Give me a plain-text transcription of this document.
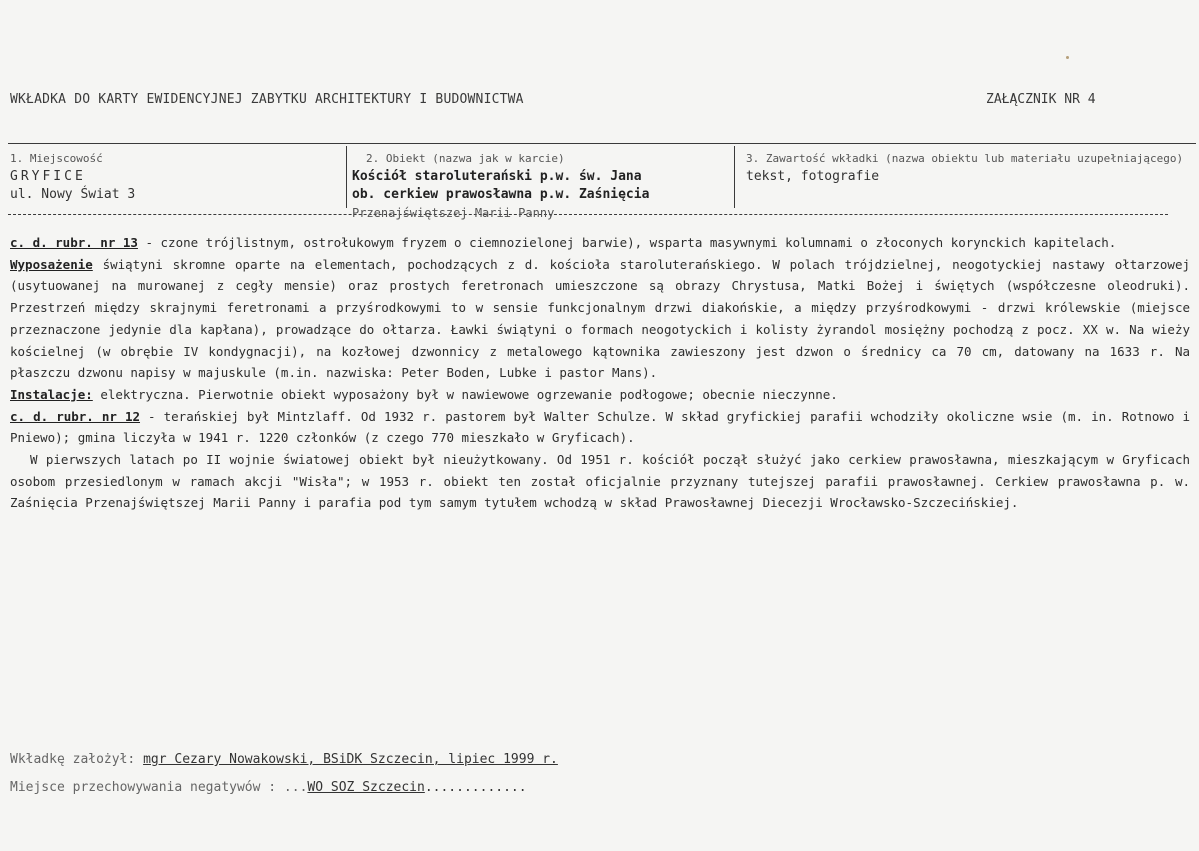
WKŁADKA DO KARTY EWIDENCYJNEJ ZABYTKU ARCHITEKTURY I BUDOWNICTWA	ZAŁĄCZNIK NR 4
1. Miejscowość
GRYFICE
ul. Nowy Świat 3
2. Obiekt (nazwa jak w karcie)
Kościół staroluterański p.w. św. Jana
ob. cerkiew prawosławna p.w. Zaśnięcia
Przenajświętszej Marii Panny
3. Zawartość wkładki (nazwa obiektu lub materiału uzupełniającego)
tekst, fotografie

c. d. rubr. nr 13 - czone trójlistnym, ostrołukowym fryzem o ciemnozielonej barwie), wsparta masywnymi kolumnami o złoconych korynckich kapitelach.

Wyposażenie świątyni skromne oparte na elementach, pochodzących z d. kościoła staroluterańskiego. W polach trójdzielnej, neogotyckiej nastawy ołtarzowej (usytuowanej na murowanej z cegły mensie) oraz prostych feretronach umieszczone są obrazy Chrystusa, Matki Bożej i świętych (współczesne oleodruki). Przestrzeń między skrajnymi feretronami a przyśrodkowymi to w sensie funkcjonalnym drzwi diakońskie, a między przyśrodkowymi - drzwi królewskie (miejsce przeznaczone jedynie dla kapłana), prowadzące do ołtarza. Ławki świątyni o formach neogotyckich i kolisty żyrandol mosiężny pochodzą z pocz. XX w. Na wieży kościelnej (w obrębie IV kondygnacji), na kozłowej dzwonnicy z metalowego kątownika zawieszony jest dzwon o średnicy ca 70 cm, datowany na 1633 r. Na płaszczu dzwonu napisy w majuskule (m.in. nazwiska: Peter Boden, Lubke i pastor Mans).

Instalacje: elektryczna. Pierwotnie obiekt wyposażony był w nawiewowe ogrzewanie podłogowe; obecnie nieczynne.

c. d. rubr. nr 12 - terańskiej był Mintzlaff. Od 1932 r. pastorem był Walter Schulze. W skład gryfickiej parafii wchodziły okoliczne wsie (m. in. Rotnowo i Pniewo); gmina liczyła w 1941 r. 1220 członków (z czego 770 mieszkało w Gryficach).

W pierwszych latach po II wojnie światowej obiekt był nieużytkowany. Od 1951 r. kościół począł służyć jako cerkiew prawosławna, mieszkającym w Gryficach osobom przesiedlonym w ramach akcji "Wisła"; w 1953 r. obiekt ten został oficjalnie przyznany tutejszej parafii prawosławnej. Cerkiew prawosławna p. w. Zaśnięcia Przenajświętszej Marii Panny i parafia pod tym samym tytułem wchodzą w skład Prawosławnej Diecezji Wrocławsko-Szczecińskiej.

Wkładkę założył: mgr Cezary Nowakowski, BSiDK Szczecin, lipiec 1999 r.
Miejsce przechowywania negatywów : ...WO SOZ Szczecin.............
